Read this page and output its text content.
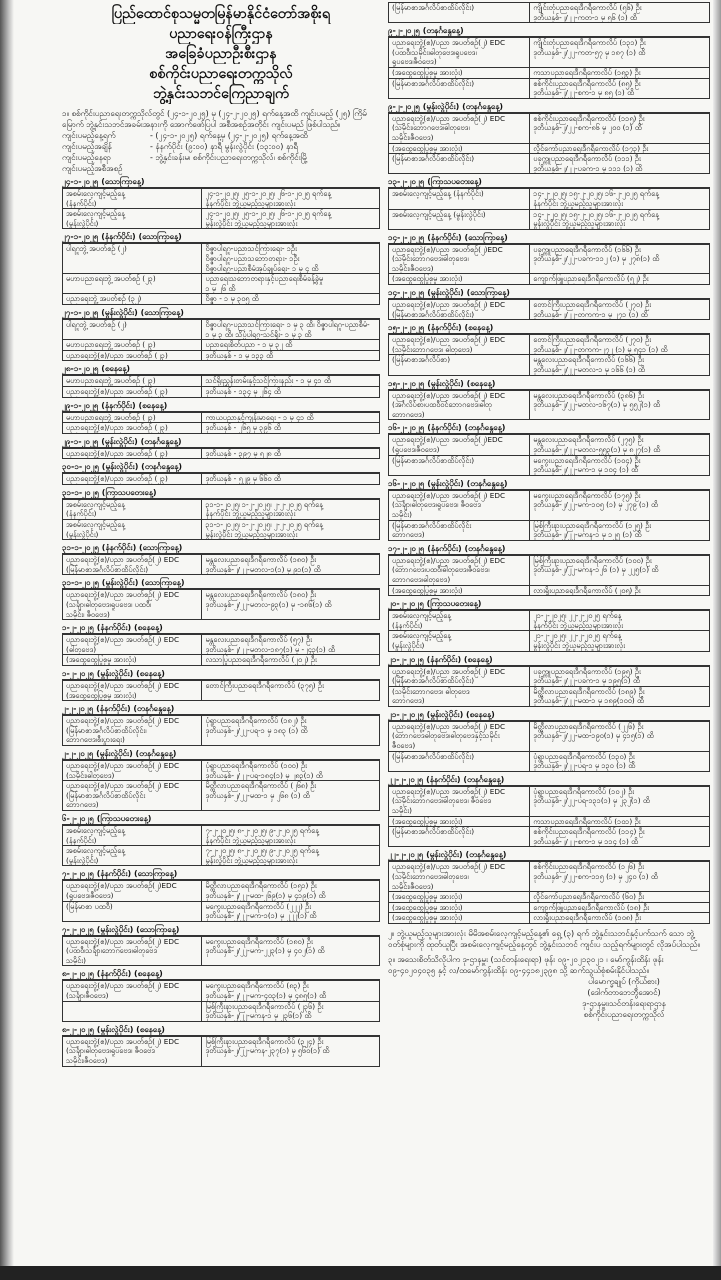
ပြည်ထောင်စုသမ္မတမြန်မာနိုင်ငံတော်အစိုးရ
ပညာရေးဝန်ကြီးဌာန
အခြေခံပညာဦးစီးဌာန
စစ်ကိုင်းပညာရေးတက္ကသိုလ်
ဘွဲ့နှင်းသဘင်ကြေညာချက်
၁။ စစ်ကိုင်းပညာရေးတက္ကသိုလ်တွင် (၂၄-၁-၂၀၂၅) မှ (၂၄-၂-၂၀၂၅) ရက်နေ့အထိ ကျင်းပမည့် (၂၅) ကြိမ်မြောက် ဘွဲ့နှင်းသဘင်အခမ်းအနားကို အောက်ဖော်ပြပါ အစီအစဉ်အတိုင်း ကျင်းပမည် ဖြစ်ပါသည်။
ကျင်းပမည့်နေ့ရက်	- (၂၄-၁-၂၀၂၅) ရက်နေ့မှ (၂၄-၂-၂၀၂၅) ရက်နေ့အထိ
ကျင်းပမည့်အချိန်	- နံနက်ပိုင်း (၉:၀၀) နာရီ မွန်းလွဲပိုင်း (၁၃:၀၀) နာရီ
ကျင်းပမည့်နေရာ	- ဘွဲ့နှင်းခန်းမ၊ စစ်ကိုင်းပညာရေးတက္ကသိုလ်၊ စစ်ကိုင်းမြို့
ကျင်းပမည့်အစီအစဉ်
၂၄-၁-၂၀၂၅ (သောကြာနေ့)
အစမ်းလေ့ကျင့်မည့်နေ့
(နံနက်ပိုင်း)	၂၄-၁-၂၀၂၅၊ ၂၅-၁-၂၀၂၅၊ ၂၆-၁-၂၀၂၅ ရက်နေ့
နံနက်ပိုင်း ဘွဲ့ယူမည့်သူများအားလုံး
အစမ်းလေ့ကျင့်မည့်နေ့
(မွန်းလွဲပိုင်း)	၂၄-၁-၂၀၂၅၊ ၂၅-၁-၂၀၂၅၊ ၂၆-၁-၂၀၂၅ ရက်နေ့
မွန်းလွဲပိုင်း ဘွဲ့ယူမည့်သူများအားလုံး
၂၇-၁-၂၀၂၅ (နံနက်ပိုင်း) (သောကြာနေ့)
ပါရဂူဘွဲ့ အပတ်စဉ် (၂)	ဝိဇ္ဇာပါရဂူ-ပညာသင်ကြားရေး- ၁ဦး
ဝိဇ္ဇာပါရဂူ-ပညာသဘောတရား- ၁ဦး
ဝိဇ္ဇာပါရဂူ-ပညာစီမံအုပ်ချုပ်ရေး- ၁ မှ ၄ ထိ
မဟာပညာရေးဘွဲ့ အပတ်စဉ် (၂၃)	ပညာရေးသဘောတရားနှင့်ပညာရေးစီမံခန့်ခွဲမှု
၁ မှ ၂၆ ထိ
ပညာရေးဘွဲ့ အပတ်စဉ် (၃၂)	ဝိဇ္ဇာ - ၁ မှ ၃၀၅ ထိ
၂၇-၁-၂၀၂၅ (မွန်းလွဲပိုင်း) (သောကြာနေ့)
ပါရဂူဘွဲ့ အပတ်စဉ် (၂)	ဝိဇ္ဇာပါရဂူ-ပညာသင်ကြားရေး- ၁ မှ ၃ ထိ၊ ဝိဇ္ဇာပါရဂူ-ပညာစီမံ- ၁ မှ ၃ ထိ၊ သိပ္ပံပါရဂူ-သင်ရိုး- ၁ မှ ၃ ထိ
မဟာပညာရေးဘွဲ့ အပတ်စဉ် (၂၃)	ပညာရေးစိတ်ပညာ - ၁ မှ ၃၂ ထိ
ပညာရေးဘွဲ့(ဧ)/ပညာ အပတ်စဉ် (၂၃)	ဒုတိယနှစ် - ၁ မှ ၁၃၃ ထိ
၂၈-၁-၂၀၂၅ (စနေနေ့)
မဟာပညာရေးဘွဲ့ အပတ်စဉ် (၂၃)	သင်ရိုးညွှန်းတမ်းနှင့်သင်ကြားနည်း - ၁ မှ ၄၁ ထိ
ပညာရေးဘွဲ့(ဧ)/ပညာ အပတ်စဉ် (၂၃)	ဒုတိယနှစ် - ၁၃၄ မှ ၂၆၄ ထိ
၂၉-၁-၂၀၂၅ (နံနက်ပိုင်း) (စနေနေ့)
မဟာပညာရေးဘွဲ့ အပတ်စဉ် (၂၃)	ကာယပညာနှင့်ကျန်းမာရေး - ၁ မှ ၄၁ ထိ
ပညာရေးဘွဲ့(ဧ)/ပညာ အပတ်စဉ် (၂၃)	ဒုတိယနှစ် - ၂၆၅ မှ ၃၉၆ ထိ
၂၉-၁-၂၀၂၅ (မွန်းလွဲပိုင်း) (တနင်္ဂနွေနေ့)
ပညာရေးဘွဲ့(ဧ)/ပညာ အပတ်စဉ် (၂၃)	ဒုတိယနှစ် - ၃၉၇ မှ ၅၂၈ ထိ
၃၀-၁-၂၀၂၅ (မွန်းလွဲပိုင်း) (တနင်္ဂနွေနေ့)
ပညာရေးဘွဲ့(ဧ)/ပညာ အပတ်စဉ် (၂၃)	ဒုတိယနှစ် - ၅၂၉ မှ ၆၆၀ ထိ
၃၁-၁-၂၀၂၅ (ကြာသပတေးနေ့)
အစမ်းလေ့ကျင့်မည့်နေ့
(နံနက်ပိုင်း)	၃၁-၁-၂၀၂၅၊ ၁-၂-၂၀၂၅၊ ၂-၂-၂၀၂၅ ရက်နေ့
နံနက်ပိုင်း ဘွဲ့ယူမည့်သူများအားလုံး
အစမ်းလေ့ကျင့်မည့်နေ့
(မွန်းလွဲပိုင်း)	၃၁-၁-၂၀၂၅၊ ၁-၂-၂၀၂၅၊ ၂-၂-၂၀၂၅ ရက်နေ့
မွန်းလွဲပိုင်း ဘွဲ့ယူမည့်သူများအားလုံး
၃၁-၁-၂၀၂၅ (နံနက်ပိုင်း) (သောကြာနေ့)
ပညာရေးဘွဲ့(ဧ)/ပညာ အပတ်စဉ်(၂) EDC
(မြန်မာစာအင်္ဂလိပ်စာထိပ်လိုင်း)	မန္တလေးပညာရေးဒီဂရီကောလိပ် (၁၈၀) ဦး
ဒုတိယနှစ်-၂/၂၂-မတလ-၁(၁) မှ ၉၁(၁) ထိ
၃၁-၁-၂၀၂၅ (မွန်းလွဲပိုင်း) (သောကြာနေ့)
ပညာရေးဘွဲ့(ဧ)/ပညာ အပတ်စဉ်(၂) EDC
(သင်္ချာ၊ဓါတုဗေဒ၊ရူပဗေဒ၊ ပထဝီ၊
သမိုင်း၊ ဇီဝဗေဒ)	မန္တလေးပညာရေးဒီဂရီကောလိပ် (၁၈၀) ဦး
ဒုတိယနှစ်-၂/၂၂-မတလ-၉၃(၁) မှ -၁၈၆(၁) ထိ
၁-၂-၂၀၂၅ (နံနက်ပိုင်း) (စနေနေ့)
ပညာရေးဘွဲ့(ဧ)/ပညာ အပတ်စဉ်(၂) EDC
(ဓါတုဗေဒ)	မန္တလေးပညာရေးဒီဂရီကောလိပ် (၅၇) ဦး
ဒုတိယနှစ်-၂/၂၂-မတလ-၁၈၇(၁) မှ -၂၄၃(၁) ထိ
(အထွေထွေပြုစုမှု အားလုံး)	လသာပြုပညာရေးဒီဂရီကောလိပ် (၂၀၂) ဦး
၁-၂-၂၀၂၅ (မွန်းလွဲပိုင်း) (စနေနေ့)
ပညာရေးဘွဲ့(ဧ)/ပညာ အပတ်စဉ်(၂) EDC
(အထွေထွေပြုစုမှု အားလုံး)	တောင်ကြီးပညာရေးဒီဂရီကောလိပ် (၃၇၅) ဦး
၂-၂-၂၀၂၅ (နံနက်ပိုင်း) (တနင်္ဂနွေနေ့)
ပညာရေးဘွဲ့(ဧ)/ပညာ အပတ်စဉ်(၂) EDC
(မြန်မာစာအင်္ဂလိပ်စာထိပ်လိုင်း၊
ဘောဂဗေဒ၊စီးပွားရေး)	ပုံရွာပညာရေးဒီဂရီကောလိပ် (၁၈၂) ဦး
ဒုတိယနှစ်-၂/၂၂-ပရ-၁ မှ ၁၈၃ (၁) ထိ
၂-၂-၂၀၂၅ (မွန်းလွဲပိုင်း) (တနင်္ဂနွေနေ့)
ပညာရေးဘွဲ့(ဧ)/ပညာ အပတ်စဉ်(၂) EDC
(သမိုင်း၊ဓါတုဗေဒ)	ပုံရွာပညာရေးဒီဂရီကောလိပ် (၁၀၀) ဦး
ဒုတိယနှစ်-၂/၂၂-ပရ-၁၈၄(၁) မှ ၂၈၃(၁) ထိ
ပညာရေးဘွဲ့(ဧ)/ပညာ အပတ်စဉ်(၂) EDC
(မြန်မာစာအင်္ဂလိပ်စာထိပ်လိုင်း
ဘောဂဗေဒ)	မိတ္ထီလာပညာရေးဒီဂရီကောလိပ် (၂၆၈) ဦး
ဒုတိယနှစ်-၂/၂၂-မထ-၁ မှ ၂၆၈ (၁) ထိ
၆-၂-၂၀၂၅ (ကြာသပတေးနေ့)
အစမ်းလေ့ကျင့်မည့်နေ့
(နံနက်ပိုင်း)	၇-၂-၂၀၂၅၊ ၈-၂-၂၀၂၅၊ ၉-၂-၂၀၂၅ ရက်နေ့
နံနက်ပိုင်း ဘွဲ့ယူမည့်သူများအားလုံး
အစမ်းလေ့ကျင့်မည့်နေ့
(မွန်းလွဲပိုင်း)	၇-၂-၂၀၂၅၊ ၈-၂-၂၀၂၅၊ ၉-၂-၂၀၂၅ ရက်နေ့
မွန်းလွဲပိုင်း ဘွဲ့ယူမည့်သူများအားလုံး
၇-၂-၂၀၂၅ (နံနက်ပိုင်း) (သောကြာနေ့)
ပညာရေးဘွဲ့(ဧ)/ပညာ အပတ်စဉ်(၂)EDC
(ရူပဗေဒ၊ဇီဝဗေဒ)	မိတ္ထီလာပညာရေးဒီဂရီကောလိပ် (၁၅၁) ဦး
ဒုတိယနှစ်-၂/၂၂-မထ-၂၆၉(၁) မှ ၄၁၉(၁) ထိ
(မြန်မာစာ ပထဝီ)	မကွေးပညာရေးဒီဂရီကောလိပ် (၂၂၂) ဦး
ဒုတိယနှစ်-၂/၂၂-မက-၁(၁) မှ ၂၂၂(၁) ထိ
၇-၂-၂၀၂၅ (မွန်းလွဲပိုင်း) (သောကြာနေ့)
ပညာရေးဘွဲ့(ဧ)/ပညာ အပတ်စဉ်(၂) EDC
(ပထဝီ၊သင်္ချာ၊ဘောဂဗေဒ၊ဓါတုဗေဒ
သမိုင်း)	မကွေးပညာရေးဒီဂရီကောလိပ် (၁၈၀) ဦး
ဒုတိယနှစ်-၂/၂၂-မက-၂၂၃(၁) မှ ၄၀၂(၁) ထိ
၈-၂-၂၀၂၅ (နံနက်ပိုင်း) (စနေနေ့)
ပညာရေးဘွဲ့(ဧ)/ပညာ အပတ်စဉ်(၂) EDC
(သင်္ချာ၊ဇီဝဗေဒ)	မကွေးပညာရေးဒီဂရီကောလိပ် (၈၃) ဦး
ဒုတိယနှစ်-၂/၂၂-မက-၄၀၃(၁) မှ ၄၈၅(၁) ထိ
	မြစ်ကြီးနားပညာရေးဒီဂရီကောလိပ် (၂၃၆) ဦး
ဒုတိယနှစ်-၂/၂၂-မကန-၁ မှ ၂၃၆(၁) ထိ
၈-၂-၂၀၂၅ (မွန်းလွဲပိုင်း) (စနေနေ့)
ပညာရေးဘွဲ့(ဧ)/ပညာ အပတ်စဉ်(၂) EDC
(သင်္ချာ၊ဓါတုဗေဒ၊ရူပဗေဒ၊ ဇီဝဗေဒ
သမိုင်း၊ဇီဝဗေဒ)	မြစ်ကြီးနားပညာရေးဒီဂရီကောလိပ် (၃၂၄) ဦး
ဒုတိယနှစ်-၂/၂၂-မကန-၂၃၇(၁) မှ ၅၆၀(၁) ထိ
(မြန်မာစာအင်္ဂလိပ်စာထိပ်လိုင်း)	ကျိုင်းတုံပညာရေးဒီဂရီကောလိပ် (၅၆) ဦး
ဒုတိယနှစ်-၂/၂၂-ကတ-၁ မှ ၅၆ (၁) ထိ
၉-၂-၂၀၂၅ (တနင်္ဂနွေနေ့)
ပညာရေးဘွဲ့(ဧ)/ပညာ အပတ်စဉ်(၂) EDC
(ပထဝီ၊သမိုင်း၊ဓါတုဗေဒ၊ရူပဗေဒ၊
ရူပဗေဒ၊ဇီဝဗေဒ)	ကျိုင်းတုံပညာရေးဒီဂရီကောလိပ် (၁၃၁) ဦး
ဒုတိယနှစ်-၂/၂၂-ကတ-၅၇ မှ ၁၈၇ (၁) ထိ
(အထွေထွေပြုစုမှု အားလုံး)	ကသာပညာရေးဒီဂရီကောလိပ် (၁၅၃) ဦး
(မြန်မာစာအင်္ဂလိပ်စာထိပ်လိုင်း)	စစ်ကိုင်းပညာရေးဒီဂရီကောလိပ် (၈၅) ဦး
ဒုတိယနှစ်-၂/၂၂-စက-၁ မှ ၈၅ (၁) ထိ
၉-၂-၂၀၂၅ (မွန်းလွဲပိုင်း) (တနင်္ဂနွေနေ့)
ပညာရေးဘွဲ့(ဧ)/ပညာ အပတ်စဉ်(၂) EDC
(သမိုင်း၊ဘောဂဗေဒ၊ဓါတုဗေဒ၊
သမိုင်း၊ဇီဝဗေဒ)	စစ်ကိုင်းပညာရေးဒီဂရီကောလိပ် (၁၁၅) ဦး
ဒုတိယနှစ်-၂/၂၂-စက-၈၆ မှ ၂၀၀ (၁) ထိ
(အထွေထွေပြုစုမှု အားလုံး)	လှိုင်ကော်ပညာရေးဒီဂရီကောလိပ် (၁၇၃) ဦး
(မြန်မာစာအင်္ဂလိပ်စာထိပ်လိုင်း)	ပခုက္ကူပညာရေးဒီဂရီကောလိပ် (၁၁၁) ဦး
ဒုတိယနှစ်-၂/၂၂-ပခက-၁ မှ ၁၁၁ (၁) ထိ
၁၃-၂-၂၀၂၅ (ကြာသပတေးနေ့)
အစမ်းလေ့ကျင့်မည့်နေ့ (နံနက်ပိုင်း)	၁၄-၂-၂၀၂၅၊ ၁၅-၂-၂၀၂၅၊ ၁၆-၂-၂၀၂၅ ရက်နေ့
နံနက်ပိုင်း ဘွဲ့ယူမည့်သူများအားလုံး
အစမ်းလေ့ကျင့်မည့်နေ့ (မွန်းလွဲပိုင်း)	၁၄-၂-၂၀၂၅၊ ၁၅-၂-၂၀၂၅၊ ၁၆-၂-၂၀၂၅ ရက်နေ့
မွန်းလွဲပိုင်း ဘွဲ့ယူမည့်သူများအားလုံး
၁၄-၂-၂၀၂၅ (နံနက်ပိုင်း) (သောကြာနေ့)
ပညာရေးဘွဲ့(ဧ)/ပညာ အပတ်စဉ်(၂)EDC
(သမိုင်းဘောဂဗေဒ၊ဓါတုဗေဒ၊
သမိုင်း၊ဇီဝဗေဒ)	ပခုက္ကူပညာရေးဒီဂရီကောလိပ် (၁၆၆) ဦး
ဒုတိယနှစ်-၂/၂၂-ပခက-၁၁၂ (၁) မှ ၂၇၈(၁) ထိ
(အထွေထွေပြုစုမှု အားလုံး)	ကျောက်ဖြူပညာရေးဒီဂရီကောလိပ် (၅၂) ဦး
၁၄-၂-၂၀၂၅ (မွန်းလွဲပိုင်း) (သောကြာနေ့)
ပညာရေးဘွဲ့(ဧ)/ပညာ အပတ်စဉ်(၂) EDC
(မြန်မာစာအင်္ဂလိပ်စာထိပ်လိုင်း)	တောင်ကြီးပညာရေးဒီဂရီကောလိပ် (၂၇၀) ဦး
ဒုတိယနှစ်-၂/၂၂-တကက-၁ မှ ၂၇၁ (၁) ထိ
၁၅-၂-၂၀၂၅ (နံနက်ပိုင်း) (စနေနေ့)
ပညာရေးဘွဲ့(ဧ)/ပညာ အပတ်စဉ်(၂) EDC
(သမိုင်းဘောဂဗေဒ၊ ဓါတုဗေဒ)	တောင်ကြီးပညာရေးဒီဂရီကောလိပ် (၂၇၀) ဦး
ဒုတိယနှစ်-၂/၂၂-တကက-၂၇၂ (၁) မှ ၅၄၁ (၁) ထိ
(မြန်မာစာအင်္ဂလိပ်စာ)	မန္တလေးပညာရေးဒီဂရီကောလိပ် (၁၆၆) ဦး
ဒုတိယနှစ်-၂/၂၂-မတလ-၁ မှ ၁၆၆ (၁) ထိ
၁၅-၂-၂၀၂၅ (မွန်းလွဲပိုင်း) (စနေနေ့)
ပညာရေးဘွဲ့(ဧ)/ပညာ အပတ်စဉ်(၂) EDC
(အင်္ဂလိပ်စာ၊ပထဝီဝင်ဘောဂဗေဒ၊ဓါတု
ဘောဂဗေဒ)	မန္တလေးပညာရေးဒီဂရီကောလိပ် (၃၈၆) ဦး
ဒုတိယနှစ်-၂/၂၂-မတလ-၁၆၇(၁) မှ ၅၅၂(၁) ထိ
၁၆-၂-၂၀၂၅ (နံနက်ပိုင်း) (တနင်္ဂနွေနေ့)
ပညာရေးဘွဲ့(ဧ)/ပညာ အပတ်စဉ်(၂)EDC
(ရူပဗေဒ၊ဇီဝဗေဒ)	မန္တလေးပညာရေးဒီဂရီကောလိပ် (၂၇၅) ဦး
ဒုတိယနှစ်-၂/၂၂-မတလ-၅၅၃(၁) မှ ၈၂၇(၁) ထိ
(မြန်မာစာအင်္ဂလိပ်စာထိပ်လိုင်း)	မကွေးပညာရေးဒီဂရီကောလိပ် (၁၀၄) ဦး
ဒုတိယနှစ်-၂/၂၂-မက-၁ မှ ၁၀၄ (၁) ထိ
၁၆-၂-၂၀၂၅ (မွန်းလွဲပိုင်း) (တနင်္ဂနွေနေ့)
ပညာရေးဘွဲ့(ဧ)/ပညာ အပတ်စဉ်(၂) EDC
(သင်္ချာ၊ဓါတုဗေဒ၊ရူပဗေဒ၊ ဇီဝဗေဒ
သမိုင်း)	မကွေးပညာရေးဒီဂရီကောလိပ် (၁၇၅) ဦး
ဒုတိယနှစ်-၂/၂၂-မက-၁၀၅ (၁) မှ ၂၇၉ (၁) ထိ
(မြန်မာစာအင်္ဂလိပ်စာထိပ်လိုင်း
ဘောဂဗေဒ)	မြစ်ကြီးနားပညာရေးဒီဂရီကောလိပ် (၁၂၅) ဦး
ဒုတိယနှစ်-၂/၂၂-မကန-၁ မှ ၁၂၅ (၁) ထိ
၁၇-၂-၂၀၂၅ (နံနက်ပိုင်း) (တနင်္ဂနွေနေ့)
ပညာရေးဘွဲ့(ဧ)/ပညာ အပတ်စဉ်(၂) EDC
(ဘောဂဗေဒ၊ပထဝီ၊ဓါတုဗေဒ၊ဇီဝဗေဒ၊
ဘောဂဗေဒ၊ဓါတုဗေဒ)	မြစ်ကြီးနားပညာရေးဒီဂရီကောလိပ် (၁၀၀) ဦး
ဒုတိယနှစ်-၂/၂၂-မကန-၁၂၆ (၁) မှ ၂၂၅(၁) ထိ
(အထွေထွေပြုစုမှု အားလုံး)	လားရှိုးပညာရေးဒီဂရီကောလိပ် (၂၀၅) ဦး
၂၀-၂-၂၀၂၅ (ကြာသပတေးနေ့)
အစမ်းလေ့ကျင့်မည့်နေ့
(နံနက်ပိုင်း)	၂၁-၂-၂၀၂၅၊ ၂၂-၂-၂၀၂၅ ရက်နေ့
နံနက်ပိုင်း ဘွဲ့ယူမည့်သူများအားလုံး
အစမ်းလေ့ကျင့်မည့်နေ့
(မွန်းလွဲပိုင်း)	၂၁-၂-၂၀၂၅၊ ၂၂-၂-၂၀၂၅ ရက်နေ့
မွန်းလွဲပိုင်း ဘွဲ့ယူမည့်သူများအားလုံး
၂၁-၂-၂၀၂၅ (နံနက်ပိုင်း) (စနေနေ့)
ပညာရေးဘွဲ့(ဧ)/ပညာ အပတ်စဉ်(၂) EDC
(မြန်မာစာအင်္ဂလိပ်စာထိပ်လိုင်း)	ပခုက္ကူပညာရေးဒီဂရီကောလိပ် (၁၉၅) ဦး
ဒုတိယနှစ်-၂/၂၂-ပခက-၁ မှ ၁၉၅(၁) ထိ
(သမိုင်းဘောဂဗေဒ၊ ဓါတုဗေဒ
ဘောဂဗေဒ)	မိတ္ထီလာပညာရေးဒီဂရီကောလိပ် (၁၈၉) ဦး
ဒုတိယနှစ်-၂/၂၂-မထ-၁ မှ ၁၈၉(၁၀၀) ထိ
၂၁-၂-၂၀၂၅ (မွန်းလွဲပိုင်း) (စနေနေ့)
ပညာရေးဘွဲ့(ဧ)/ပညာ အပတ်စဉ်(၂) EDC
(ဘောဂဗေဒဓါတုဗေဒ၊ဓါတုဗေဒနှင့်သမိုင်း
ဇီဝဗေဒ)	မိတ္ထီလာပညာရေးဒီဂရီကောလိပ် (၂၂၆) ဦး
ဒုတိယနှစ်-၂/၂၂-မထ-၁၉၀(၁) မှ ၄၁၅(၁) ထိ
(မြန်မာစာအင်္ဂလိပ်စာထိပ်လိုင်း)	ပုံရွာပညာရေးဒီဂရီကောလိပ် (၁၃၀) ဦး
ဒုတိယနှစ်-၂/၂၂-ပရ-၁ မှ ၁၃၀ (၁) ထိ
၂၂-၂-၂၀၂၅ (နံနက်ပိုင်း) (တနင်္ဂနွေနေ့)
ပညာရေးဘွဲ့(ဧ)/ပညာ အပတ်စဉ်(၂) EDC
(သမိုင်းဘောဂဗေဒ၊ဓါတုဗေဒ၊ ဇီဝဗေဒ
သမိုင်း)	ပုံရွာပညာရေးဒီဂရီကောလိပ် (၁၀၂) ဦး
ဒုတိယနှစ်-၂/၂၂-ပရ-၁၃၁(၁) မှ ၂၃၂(၁) ထိ
(အထွေထွေပြုစုမှု အားလုံး)	ကသာပညာရေးဒီဂရီကောလိပ် (၁၀၁) ဦး
(မြန်မာစာအင်္ဂလိပ်စာထိပ်လိုင်း)	စစ်ကိုင်းပညာရေးဒီဂရီကောလိပ် (၁၁၄) ဦး
ဒုတိယနှစ်-၂/၂၂-စက-၁ မှ ၁၁၄ (၁) ထိ
၂၂-၂-၂၀၂၅ (မွန်းလွဲပိုင်း) (တနင်္ဂနွေနေ့)
ပညာရေးဘွဲ့(ဧ)/ပညာ အပတ်စဉ်(၂) EDC
(သမိုင်းဘောဂဗေဒ၊ဓါတုဗေဒ၊
သမိုင်း၊ဇီဝဗေဒ)	စစ်ကိုင်းပညာရေးဒီဂရီကောလိပ် (၁၂၆) ဦး
ဒုတိယနှစ်-၂/၂၂-စက-၁၁၅ (၁) မှ ၂၄၀ (၁) ထိ
(အထွေထွေပြုစုမှု အားလုံး)	လှိုင်ကော်ပညာရေးဒီဂရီကောလိပ် (၆၀) ဦး
(အထွေထွေပြုစုမှု အားလုံး)	ကျောက်ဖြူပညာရေးဒီဂရီကောလိပ် (၁၈) ဦး
(အထွေထွေပြုစုမှု အားလုံး)	လားရှိုးပညာရေးဒီဂရီကောလိပ် (၁၀၈) ဦး
၂။ ဘွဲ့ယူမည့်သူများအားလုံး မိမိအစမ်းလေ့ကျင့်မည့်နေ့၏ ရှေ့ (၃) ရက် ဘွဲ့နှင်းသဘင်နှင့်ပက်သက် သော ဘွဲ့ဝတ်စုံများကို ထုတ်ယူပြီး အစမ်းလေ့ကျင့်မည့်နေ့တွင် ဘွဲ့နှင်းသဘင် ကျင်းပ သည့်ရက်များတွင် လိုအပ်ပါသည်။
၃။ အသေးစိတ်သိလိုပါက ဒု-ဌာနမှူး (သင်တန်းရေးရာ) ဖုန်း ၀၉-၂၀၂၁၃၀၂၁ ၊ မော်ကွန်းထိန်း ဖုန်း ၀၉-၄၀၂၀၄၀၃၅ နှင့် လ/ထမော်ကွန်းထိန်း ၀၉-၄၄၁၈၂၃၉၈ သို့ ဆက်သွယ်စုံစမ်းနိုင်ပါသည်။
ပါမောက္ခချုပ် (ကိုယ်စား)
(ဒေါက်တာဘေဘွီအောင်)
ဒု-ဌာနမှူး၊သင်တန်းရေးရာဌာန
စစ်ကိုင်းပညာရေးတက္ကသိုလ်
